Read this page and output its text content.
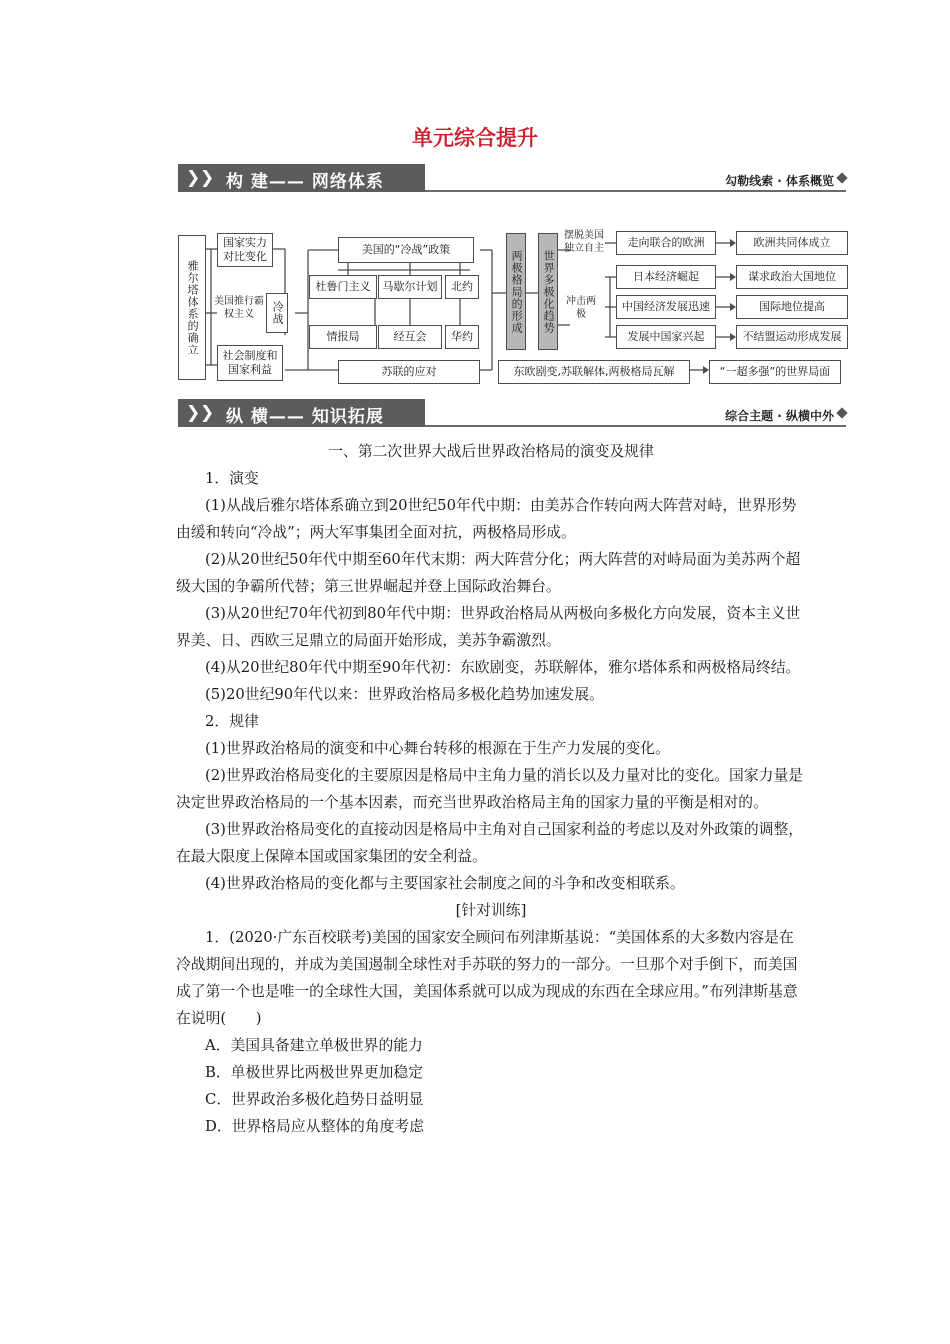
单元综合提升
❯ ❯ 构 建—— 网络体系	勾勒线索 · 体系概览
雅尔塔体系的确立
国家实力对比变化
美国推行霸权主义	冷战
社会制度和国家利益
美国的“冷战”政策
杜鲁门主义 马歇尔计划 北约
情报局	经互会 华约
苏联的应对
两极格局的形成 世界多极化趋势
摆脱美国独立自主
冲击两极
走向联合的欧洲
日本经济崛起
中国经济发展迅速
发展中国家兴起
欧洲共同体成立
谋求政治大国地位
国际地位提高
不结盟运动形成发展
东欧剧变,苏联解体,两极格局瓦解	“一超多强”的世界局面
❯ ❯ 纵 横—— 知识拓展	综合主题 · 纵横中外

一、第二次世界大战后世界政治格局的演变及规律

1．演变

(1)从战后雅尔塔体系确立到20世纪50年代中期：由美苏合作转向两大阵营对峙，世界形势由缓和转向“冷战”；两大军事集团全面对抗，两极格局形成。

(2)从20世纪50年代中期至60年代末期：两大阵营分化；两大阵营的对峙局面为美苏两个超级大国的争霸所代替；第三世界崛起并登上国际政治舞台。

(3)从20世纪70年代初到80年代中期：世界政治格局从两极向多极化方向发展，资本主义世界美、日、西欧三足鼎立的局面开始形成，美苏争霸激烈。

(4)从20世纪80年代中期至90年代初：东欧剧变，苏联解体，雅尔塔体系和两极格局终结。

(5)20世纪90年代以来：世界政治格局多极化趋势加速发展。

2．规律

(1)世界政治格局的演变和中心舞台转移的根源在于生产力发展的变化。

(2)世界政治格局变化的主要原因是格局中主角力量的消长以及力量对比的变化。国家力量是决定世界政治格局的一个基本因素，而充当世界政治格局主角的国家力量的平衡是相对的。

(3)世界政治格局变化的直接动因是格局中主角对自己国家利益的考虑以及对外政策的调整，在最大限度上保障本国或国家集团的安全利益。

(4)世界政治格局的变化都与主要国家社会制度之间的斗争和改变相联系。

[针对训练]

1．(2020·广东百校联考)美国的国家安全顾问布列津斯基说：“美国体系的大多数内容是在冷战期间出现的，并成为美国遏制全球性对手苏联的努力的一部分。一旦那个对手倒下，而美国成了第一个也是唯一的全球性大国，美国体系就可以成为现成的东西在全球应用。”布列津斯基意在说明(　　)

A．美国具备建立单极世界的能力

B．单极世界比两极世界更加稳定

C．世界政治多极化趋势日益明显

D．世界格局应从整体的角度考虑
